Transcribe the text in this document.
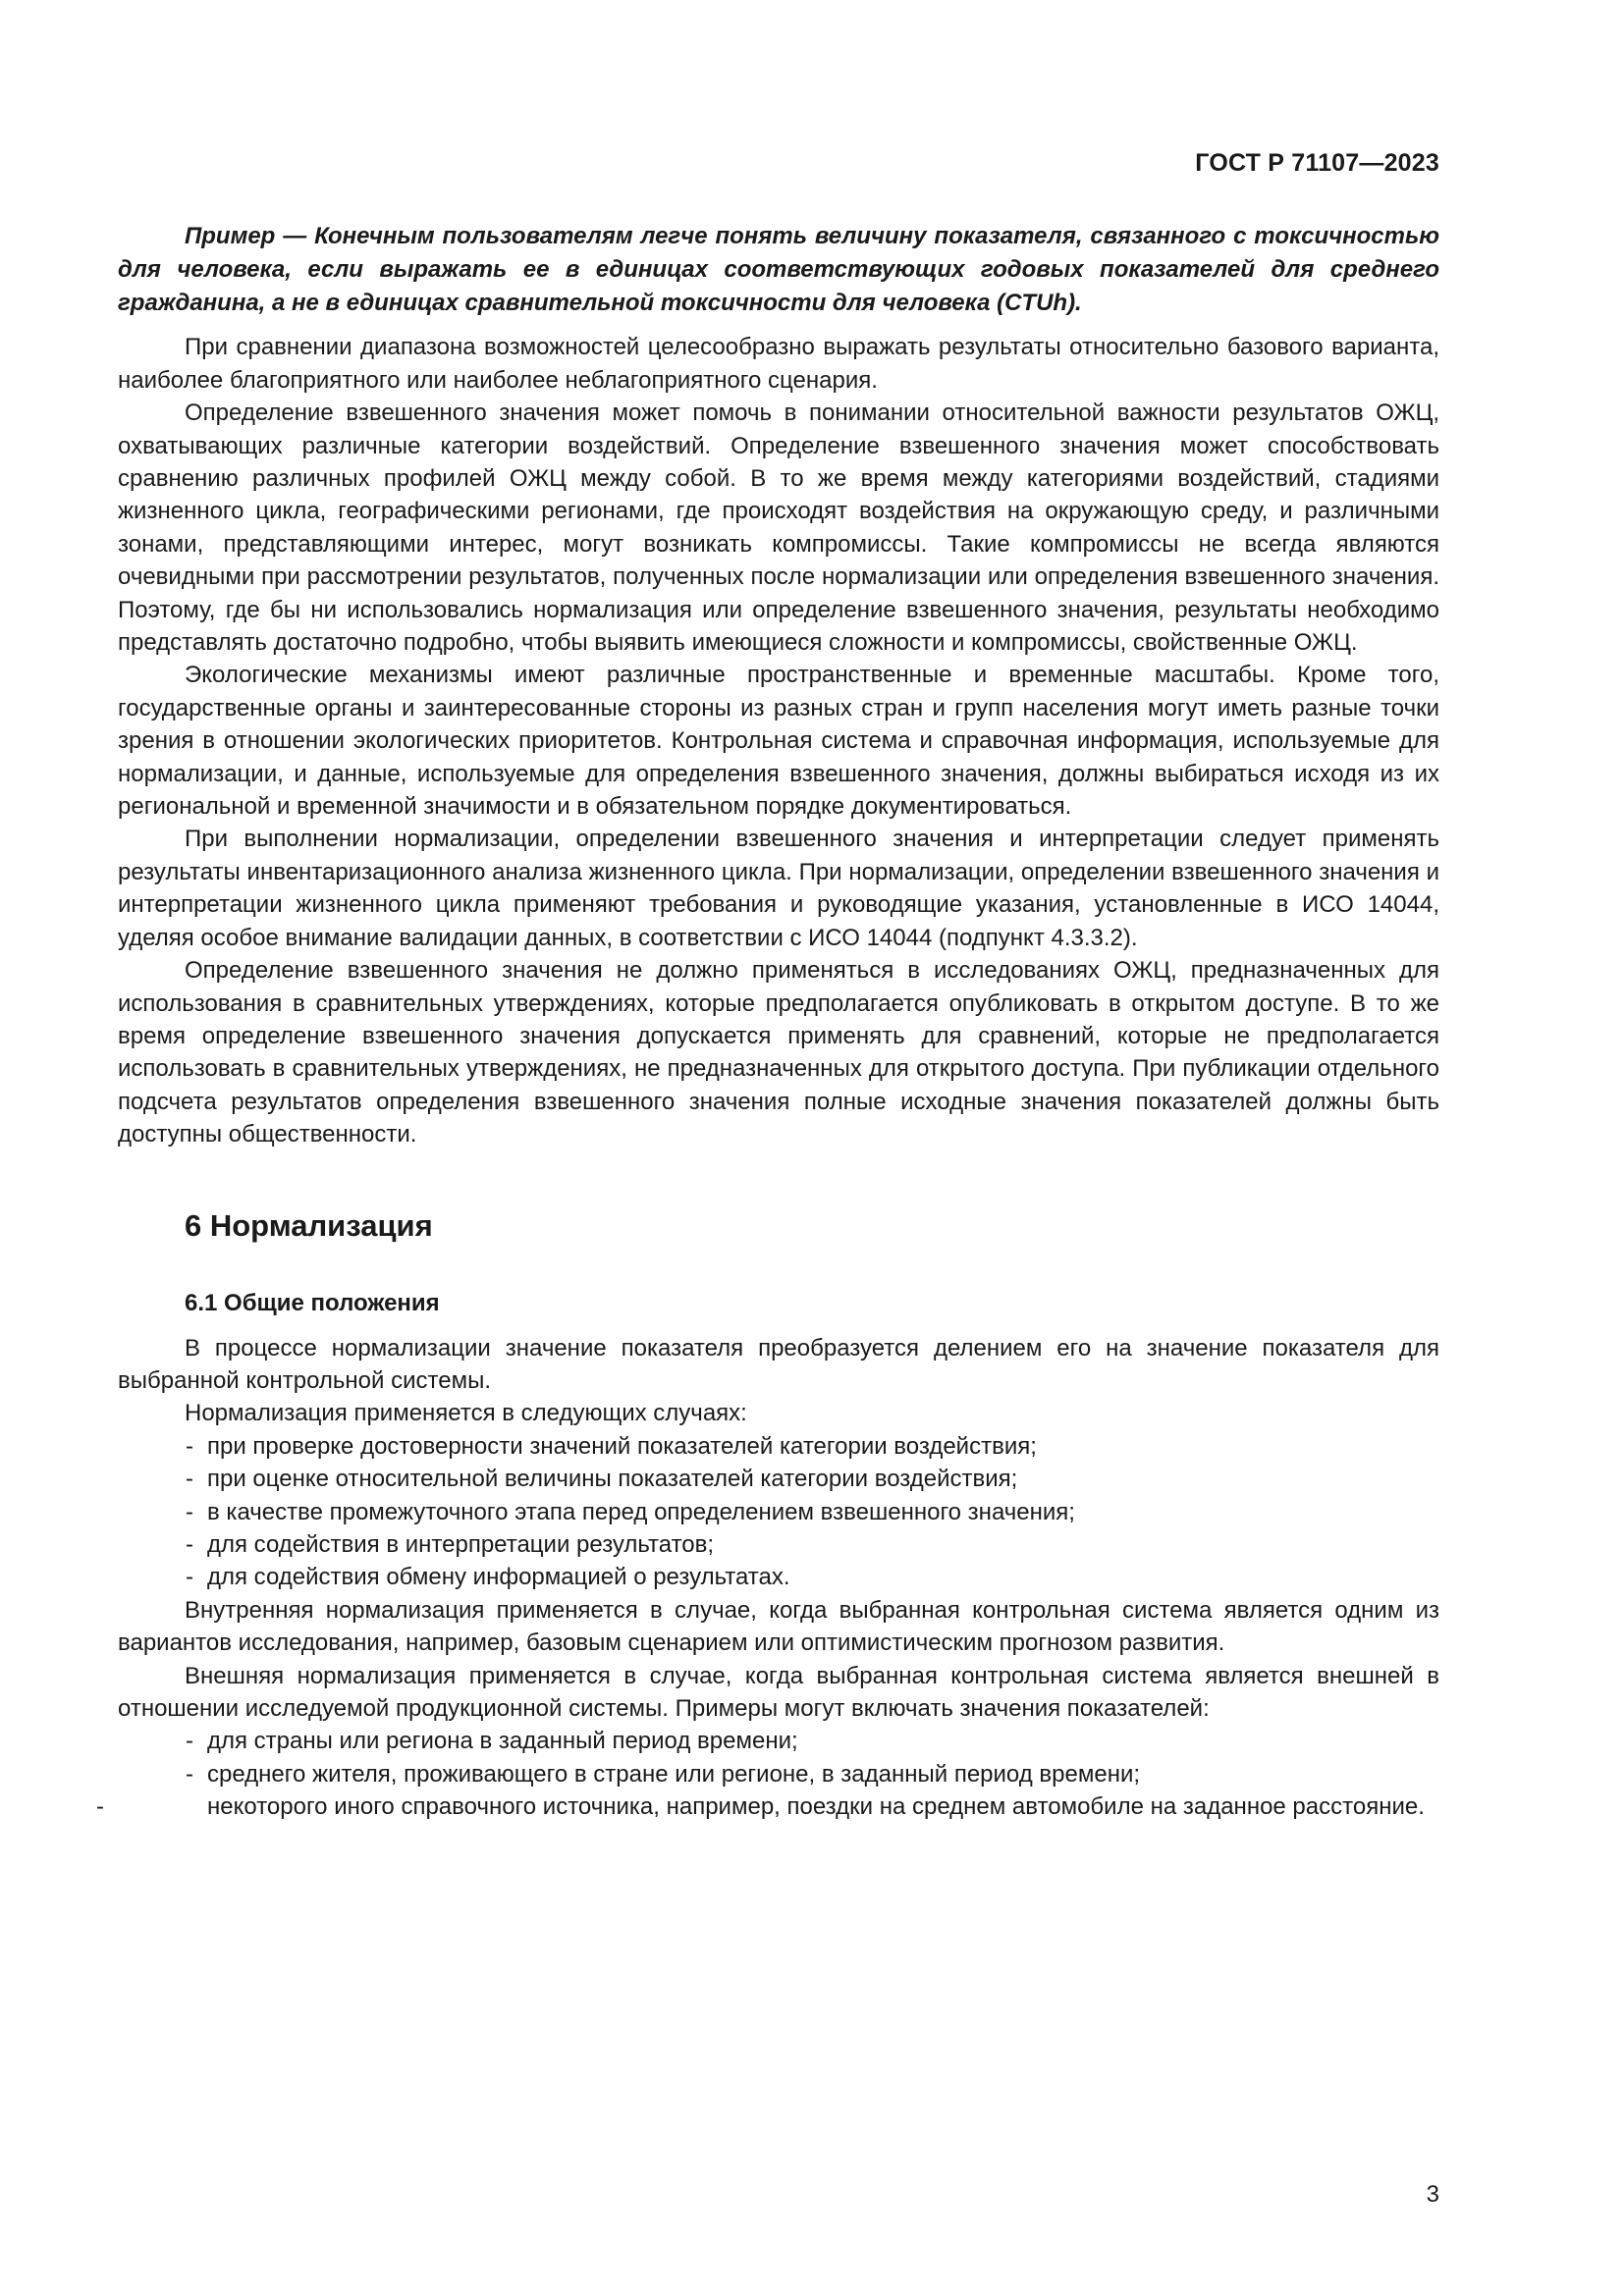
ГОСТ Р 71107—2023

Пример — Конечным пользователям легче понять величину показателя, связанного с токсичностью для человека, если выражать ее в единицах соответствующих годовых показателей для среднего гражданина, а не в единицах сравнительной токсичности для человека (CTUh).

При сравнении диапазона возможностей целесообразно выражать результаты относительно базового варианта, наиболее благоприятного или наиболее неблагоприятного сценария.

Определение взвешенного значения может помочь в понимании относительной важности результатов ОЖЦ, охватывающих различные категории воздействий. Определение взвешенного значения может способствовать сравнению различных профилей ОЖЦ между собой. В то же время между категориями воздействий, стадиями жизненного цикла, географическими регионами, где происходят воздействия на окружающую среду, и различными зонами, представляющими интерес, могут возникать компромиссы. Такие компромиссы не всегда являются очевидными при рассмотрении результатов, полученных после нормализации или определения взвешенного значения. Поэтому, где бы ни использовались нормализация или определение взвешенного значения, результаты необходимо представлять достаточно подробно, чтобы выявить имеющиеся сложности и компромиссы, свойственные ОЖЦ.

Экологические механизмы имеют различные пространственные и временные масштабы. Кроме того, государственные органы и заинтересованные стороны из разных стран и групп населения могут иметь разные точки зрения в отношении экологических приоритетов. Контрольная система и справочная информация, используемые для нормализации, и данные, используемые для определения взвешенного значения, должны выбираться исходя из их региональной и временной значимости и в обязательном порядке документироваться.

При выполнении нормализации, определении взвешенного значения и интерпретации следует применять результаты инвентаризационного анализа жизненного цикла. При нормализации, определении взвешенного значения и интерпретации жизненного цикла применяют требования и руководящие указания, установленные в ИСО 14044, уделяя особое внимание валидации данных, в соответствии с ИСО 14044 (подпункт 4.3.3.2).

Определение взвешенного значения не должно применяться в исследованиях ОЖЦ, предназначенных для использования в сравнительных утверждениях, которые предполагается опубликовать в открытом доступе. В то же время определение взвешенного значения допускается применять для сравнений, которые не предполагается использовать в сравнительных утверждениях, не предназначенных для открытого доступа. При публикации отдельного подсчета результатов определения взвешенного значения полные исходные значения показателей должны быть доступны общественности.

6 Нормализация
6.1 Общие положения

В процессе нормализации значение показателя преобразуется делением его на значение показателя для выбранной контрольной системы.

Нормализация применяется в следующих случаях:

- при проверке достоверности значений показателей категории воздействия;
- при оценке относительной величины показателей категории воздействия;
- в качестве промежуточного этапа перед определением взвешенного значения;
- для содействия в интерпретации результатов;
- для содействия обмену информацией о результатах.

Внутренняя нормализация применяется в случае, когда выбранная контрольная система является одним из вариантов исследования, например, базовым сценарием или оптимистическим прогнозом развития.

Внешняя нормализация применяется в случае, когда выбранная контрольная система является внешней в отношении исследуемой продукционной системы. Примеры могут включать значения показателей:

- для страны или региона в заданный период времени;
- среднего жителя, проживающего в стране или регионе, в заданный период времени;
- некоторого иного справочного источника, например, поездки на среднем автомобиле на заданное расстояние.
3
